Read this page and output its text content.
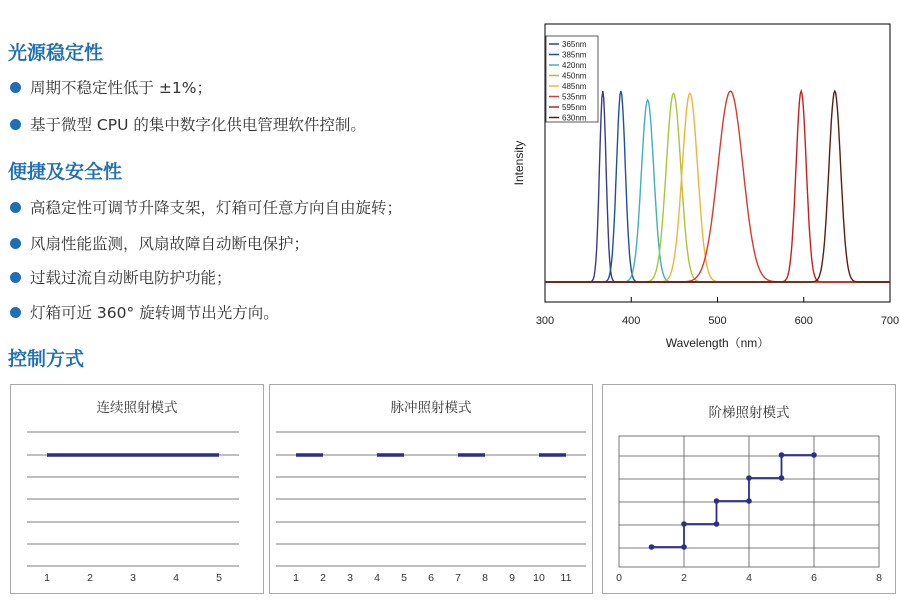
光源稳定性
周期不稳定性低于 ±1%；
基于微型 CPU 的集中数字化供电管理软件控制。
便捷及安全性
高稳定性可调节升降支架，灯箱可任意方向自由旋转；
风扇性能监测，风扇故障自动断电保护；
过载过流自动断电防护功能；
灯箱可近 360° 旋转调节出光方向。
控制方式
300	400	500	600	700
Wavelength（nm）
Intensity
365nm
385nm
420nm
450nm
485nm
535nm
595nm
630nm
连续照射模式
1	2	3	4	5
脉冲照射模式
1 2 3 4 5 6 7 8 9 10 11
阶梯照射模式
0	2	4	6	8
